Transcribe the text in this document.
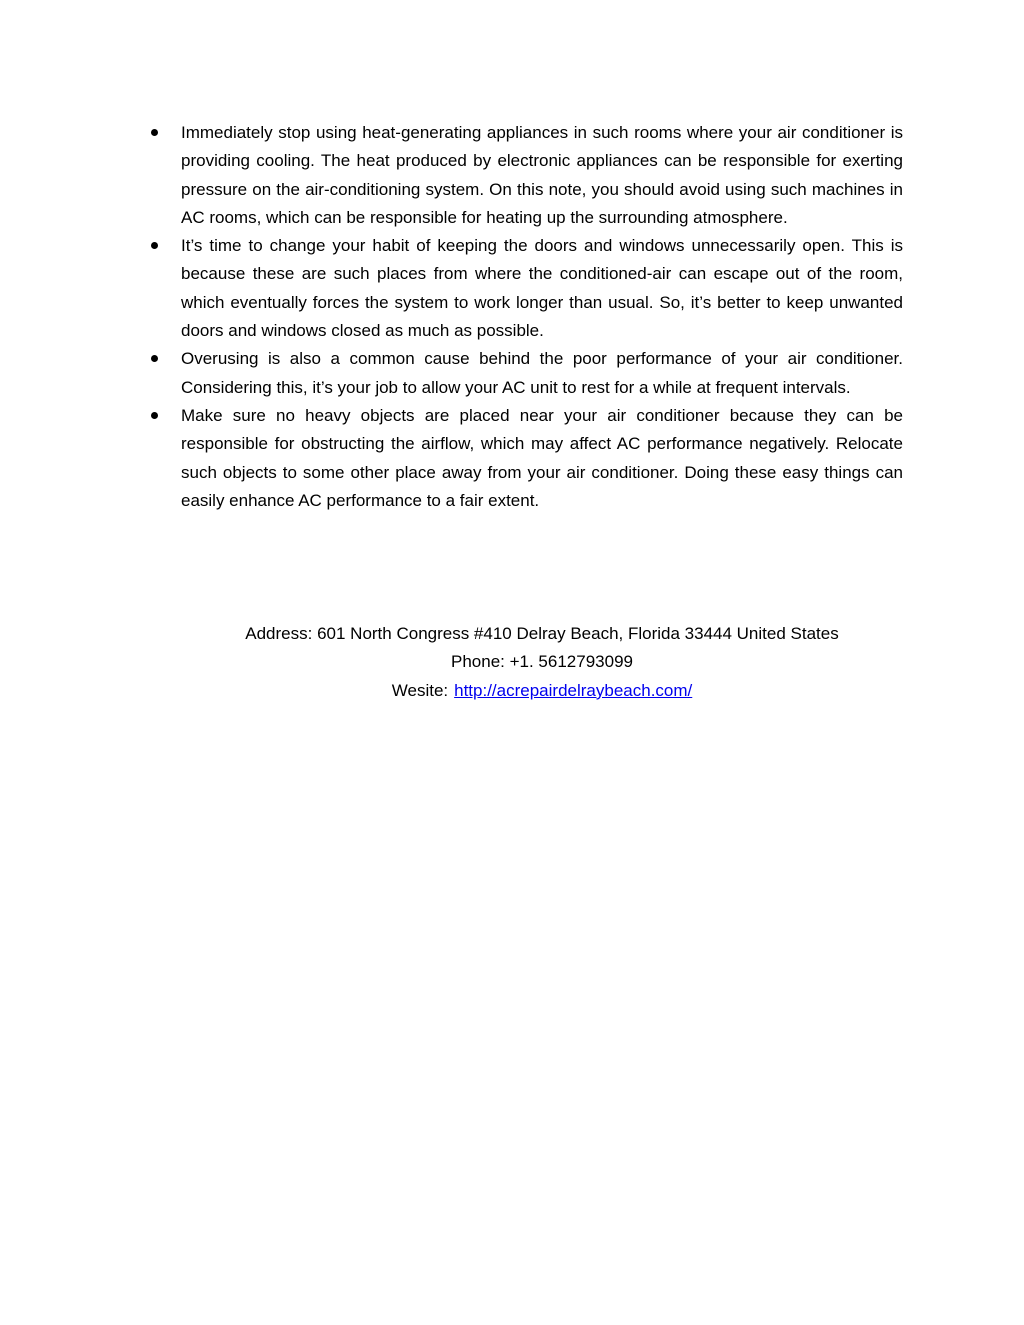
Immediately stop using heat-generating appliances in such rooms where your air conditioner is providing cooling. The heat produced by electronic appliances can be responsible for exerting pressure on the air-conditioning system. On this note, you should avoid using such machines in AC rooms, which can be responsible for heating up the surrounding atmosphere.
It’s time to change your habit of keeping the doors and windows unnecessarily open. This is because these are such places from where the conditioned-air can escape out of the room, which eventually forces the system to work longer than usual. So, it’s better to keep unwanted doors and windows closed as much as possible.
Overusing is also a common cause behind the poor performance of your air conditioner. Considering this, it’s your job to allow your AC unit to rest for a while at frequent intervals.
Make sure no heavy objects are placed near your air conditioner because they can be responsible for obstructing the airflow, which may affect AC performance negatively. Relocate such objects to some other place away from your air conditioner. Doing these easy things can easily enhance AC performance to a fair extent.
Address: 601 North Congress #410 Delray Beach, Florida 33444 United States
Phone: +1. 5612793099
Wesite: http://acrepairdelraybeach.com/
